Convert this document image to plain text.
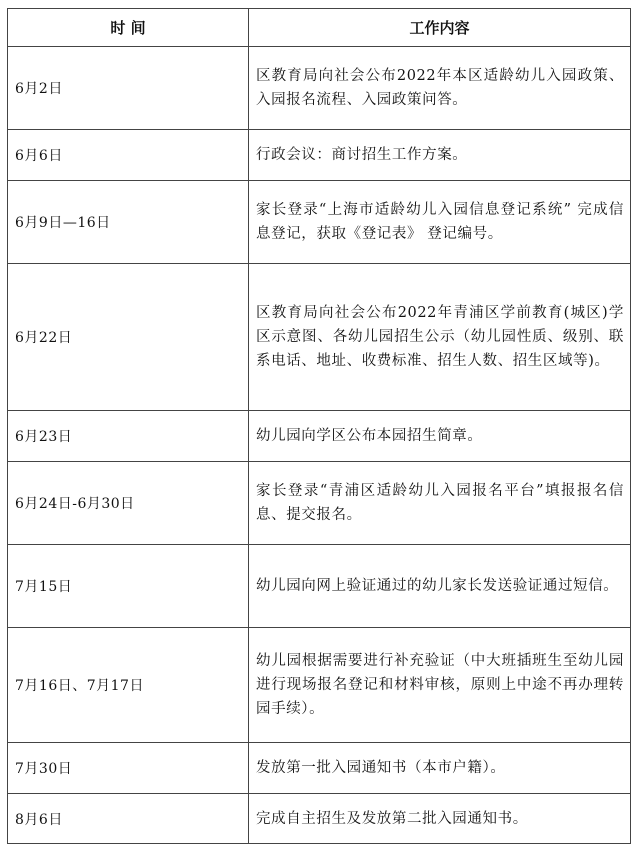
时 间	工作内容
6月2日	区教育局向社会公布2022年本区适龄幼儿入园政策、入园报名流程、入园政策问答。
6月6日	行政会议：商讨招生工作方案。
6月9日—16日	家长登录“上海市适龄幼儿入园信息登记系统” 完成信息登记，获取《登记表》 登记编号。
6月22日	区教育局向社会公布2022年青浦区学前教育(城区)学区示意图、各幼儿园招生公示（幼儿园性质、级别、联系电话、地址、收费标准、招生人数、招生区域等)。
6月23日	幼儿园向学区公布本园招生简章。
6月24日-6月30日	家长登录“青浦区适龄幼儿入园报名平台”填报报名信息、提交报名。
7月15日	幼儿园向网上验证通过的幼儿家长发送验证通过短信。
7月16日、7月17日	幼儿园根据需要进行补充验证（中大班插班生至幼儿园进行现场报名登记和材料审核，原则上中途不再办理转园手续）。
7月30日	发放第一批入园通知书（本市户籍）。
8月6日	完成自主招生及发放第二批入园通知书。
